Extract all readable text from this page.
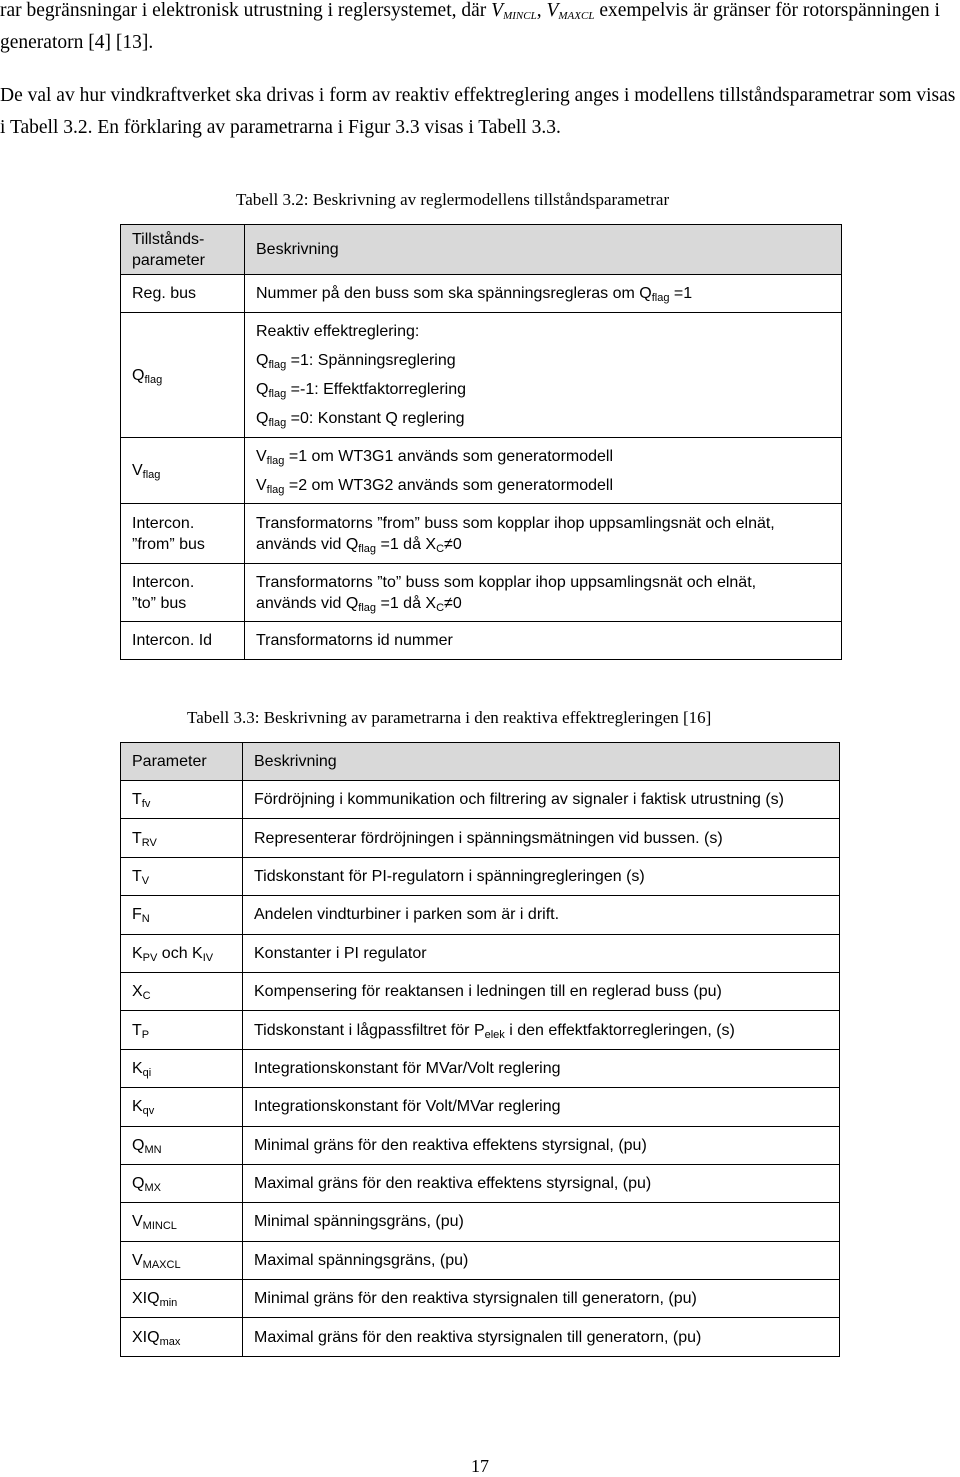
rar begränsningar i elektronisk utrustning i reglersystemet, där $V_{MINCL}$, $V_{MAXCL}$ exempelvis är gränser för rotorspänningen i generatorn [4] [13].
De val av hur vindkraftverket ska drivas i form av reaktiv effektreglering anges i modellens tillståndsparametrar som visas i Tabell 3.2. En förklaring av parametrarna i Figur 3.3 visas i Tabell 3.3.
Tabell 3.2: Beskrivning av reglermodellens tillståndsparametrar
Tillstånds-
parameter	Beskrivning
Reg. bus	Nummer på den buss som ska spänningsregleras om $Q_{flag} =1$
$Q_{flag}$	Reaktiv effektreglering:
$Q_{flag} =1$: Spänningsreglering
$Q_{flag} =-1$: Effektfaktorreglering
$Q_{flag} =0$: Konstant Q reglering

$V_{flag}$	$V_{flag} =1$ om WT3G1 används som generatormodell
$V_{flag} =2$ om WT3G2 används som generatormodell

Intercon.
”from” bus	Transformatorns ”from” buss som kopplar ihop uppsamlingsnät och elnät,
används vid $Q_{flag} =1$ då $X_C\ne 0$

Intercon.
”to” bus	Transformatorns ”to” buss som kopplar ihop uppsamlingsnät och elnät,
används vid $Q_{flag} =1$ då $X_C\ne 0$

Intercon. Id	Transformatorns id nummer
Tabell 3.3: Beskrivning av parametrarna i den reaktiva effektregleringen [16]
Parameter	Beskrivning
$T_{fv}$	Fördröjning i kommunikation och filtrering av signaler i faktisk utrustning (s)
$T_{RV}$	Representerar fördröjningen i spänningsmätningen vid bussen. (s)
$T_V$	Tidskonstant för PI-regulatorn i spänningregleringen (s)
$F_N$	Andelen vindturbiner i parken som är i drift.
$K_{PV}$ och $K_{IV}$	Konstanter i PI regulator
$X_C$	Kompensering för reaktansen i ledningen till en reglerad buss (pu)
$T_P$	Tidskonstant i lågpassfiltret för $P_{elek}$ i den effektfaktorregleringen, (s)
$K_{qi}$	Integrationskonstant för MVar/Volt reglering
$K_{qv}$	Integrationskonstant för Volt/MVar reglering
$Q_{MN}$	Minimal gräns för den reaktiva effektens styrsignal, (pu)
$Q_{MX}$	Maximal gräns för den reaktiva effektens styrsignal, (pu)
$V_{MINCL}$	Minimal spänningsgräns, (pu)
$V_{MAXCL}$	Maximal spänningsgräns, (pu)
$XIQ_{min}$	Minimal gräns för den reaktiva styrsignalen till generatorn, (pu)
$XIQ_{max}$	Maximal gräns för den reaktiva styrsignalen till generatorn, (pu)
17
